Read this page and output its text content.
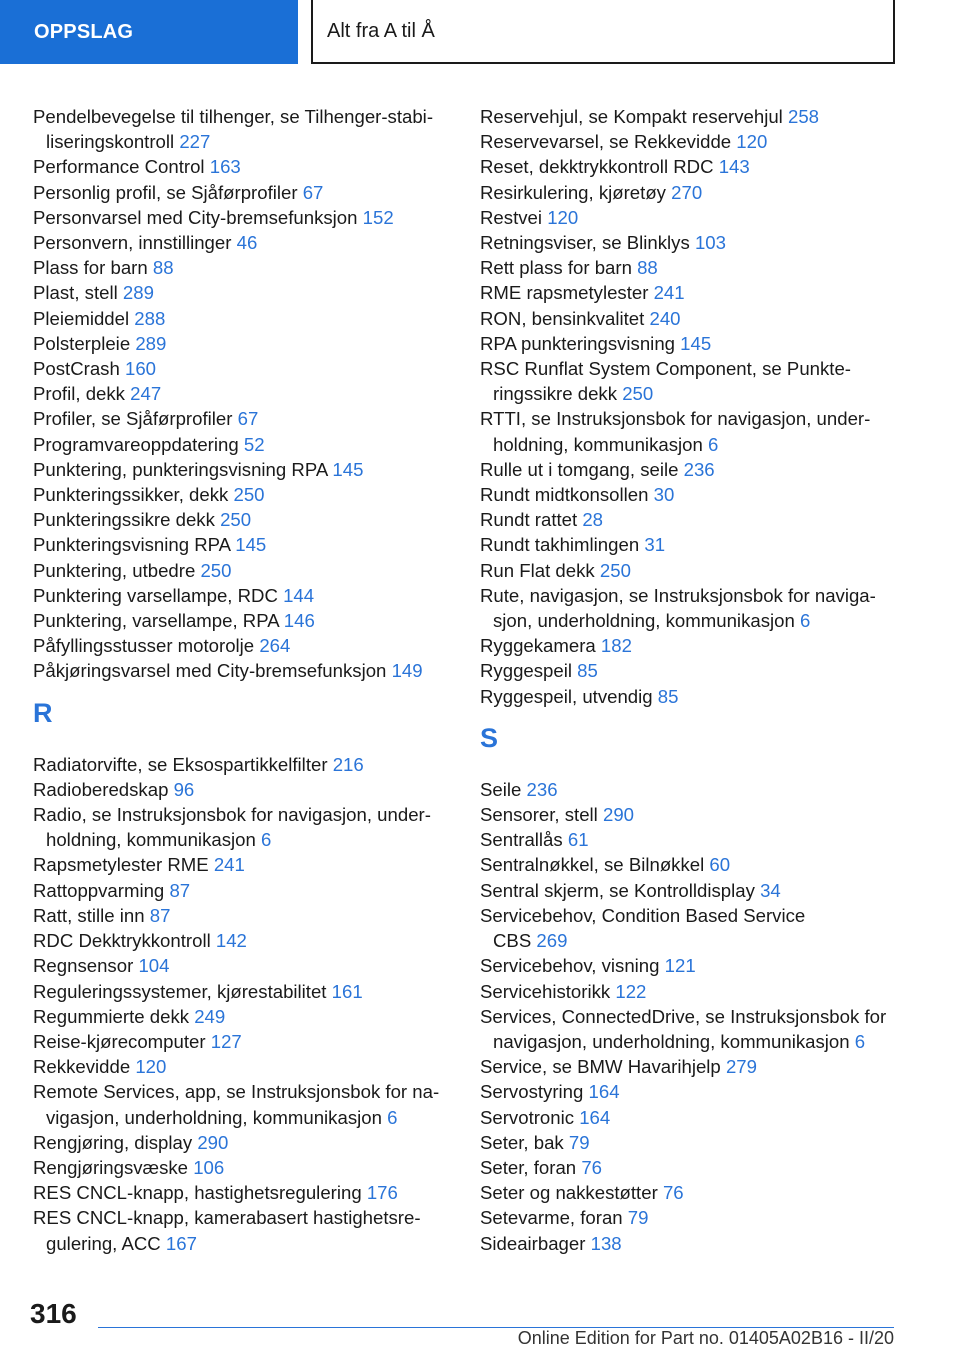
OPPSLAG	Alt fra A til Å
Pendelbevegelse til tilhenger, se Tilhenger-stabi-
liseringskontroll 227
Performance Control 163
Personlig profil, se Sjåførprofiler 67
Personvarsel med City-bremsefunksjon 152
Personvern, innstillinger 46
Plass for barn 88
Plast, stell 289
Pleiemiddel 288
Polsterpleie 289
PostCrash 160
Profil, dekk 247
Profiler, se Sjåførprofiler 67
Programvareoppdatering 52
Punktering, punkteringsvisning RPA 145
Punkteringssikker, dekk 250
Punkteringssikre dekk 250
Punkteringsvisning RPA 145
Punktering, utbedre 250
Punktering varsellampe, RDC 144
Punktering, varsellampe, RPA 146
Påfyllingsstusser motorolje 264
Påkjøringsvarsel med City-bremsefunksjon 149
R
Radiatorvifte, se Eksospartikkelfilter 216
Radioberedskap 96
Radio, se Instruksjonsbok for navigasjon, under-
holdning, kommunikasjon 6
Rapsmetylester RME 241
Rattoppvarming 87
Ratt, stille inn 87
RDC Dekktrykkontroll 142
Regnsensor 104
Reguleringssystemer, kjørestabilitet 161
Regummierte dekk 249
Reise-kjørecomputer 127
Rekkevidde 120
Remote Services, app, se Instruksjonsbok for na-
vigasjon, underholdning, kommunikasjon 6
Rengjøring, display 290
Rengjøringsvæske 106
RES CNCL-knapp, hastighetsregulering 176
RES CNCL-knapp, kamerabasert hastighetsre-
gulering, ACC 167
Reservehjul, se Kompakt reservehjul 258
Reservevarsel, se Rekkevidde 120
Reset, dekktrykkontroll RDC 143
Resirkulering, kjøretøy 270
Restvei 120
Retningsviser, se Blinklys 103
Rett plass for barn 88
RME rapsmetylester 241
RON, bensinkvalitet 240
RPA punkteringsvisning 145
RSC Runflat System Component, se Punkte-
ringssikre dekk 250
RTTI, se Instruksjonsbok for navigasjon, under-
holdning, kommunikasjon 6
Rulle ut i tomgang, seile 236
Rundt midtkonsollen 30
Rundt rattet 28
Rundt takhimlingen 31
Run Flat dekk 250
Rute, navigasjon, se Instruksjonsbok for naviga-
sjon, underholdning, kommunikasjon 6
Ryggekamera 182
Ryggespeil 85
Ryggespeil, utvendig 85
S
Seile 236
Sensorer, stell 290
Sentrallås 61
Sentralnøkkel, se Bilnøkkel 60
Sentral skjerm, se Kontrolldisplay 34
Servicebehov, Condition Based Service
CBS 269
Servicebehov, visning 121
Servicehistorikk 122
Services, ConnectedDrive, se Instruksjonsbok for
navigasjon, underholdning, kommunikasjon 6
Service, se BMW Havarihjelp 279
Servostyring 164
Servotronic 164
Seter, bak 79
Seter, foran 76
Seter og nakkestøtter 76
Setevarme, foran 79
Sideairbager 138
316
Online Edition for Part no. 01405A02B16 - II/20
